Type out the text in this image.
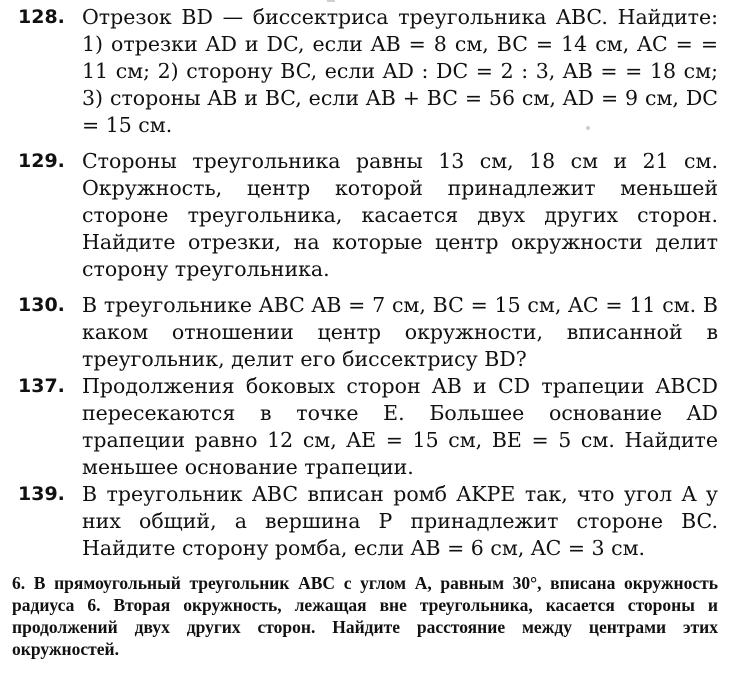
128. Отрезок BD — биссектриса треугольника ABC. Найдите: 1) отрезки AD и DC, если AB = 8 см, BC = 14 см, AC = = 11 см; 2) сторону BC, если AD : DC = 2 : 3, AB = = 18 см; 3) стороны AB и BC, если AB + BC = 56 см, AD = 9 см, DC = 15 см.
129. Стороны треугольника равны 13 см, 18 см и 21 см. Окружность, центр которой принадлежит меньшей стороне треугольника, касается двух других сторон. Найдите отрезки, на которые центр окружности делит сторону треугольника.
130. В треугольнике ABC AB = 7 см, BC = 15 см, AC = 11 см. В каком отношении центр окружности, вписанной в треугольник, делит его биссектрису BD?
137. Продолжения боковых сторон AB и CD трапеции ABCD пересекаются в точке E. Большее основание AD трапеции равно 12 см, AE = 15 см, BE = 5 см. Найдите меньшее основание трапеции.
139. В треугольник ABC вписан ромб AKPE так, что угол A у них общий, а вершина P принадлежит стороне BC. Найдите сторону ромба, если AB = 6 см, AC = 3 см.
6. В прямоугольный треугольник ABC с углом А, равным 30°, вписана окружность радиуса 6. Вторая окружность, лежащая вне треугольника, касается стороны и продолжений двух других сторон. Найдите расстояние между центрами этих окружностей.
